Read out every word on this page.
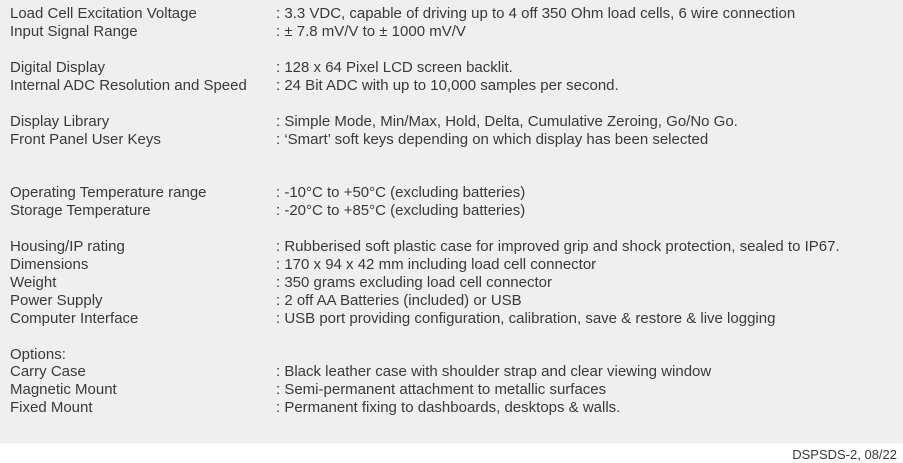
Load Cell Excitation Voltage	: 3.3 VDC, capable of driving up to 4 off 350 Ohm load cells, 6 wire connection
Input Signal Range	: ± 7.8 mV/V to ± 1000 mV/V
Digital Display	: 128 x 64 Pixel LCD screen backlit.
Internal ADC Resolution and Speed : 24 Bit ADC with up to 10,000 samples per second.
Display Library	: Simple Mode, Min/Max, Hold, Delta, Cumulative Zeroing, Go/No Go.
Front Panel User Keys	: ‘Smart’ soft keys depending on which display has been selected
Operating Temperature range	: -10°C to +50°C (excluding batteries)
Storage Temperature	: -20°C to +85°C (excluding batteries)
Housing/IP rating	: Rubberised soft plastic case for improved grip and shock protection, sealed to IP67.
Dimensions	: 170 x 94 x 42 mm including load cell connector
Weight	: 350 grams excluding load cell connector
Power Supply	: 2 off AA Batteries (included) or USB
Computer Interface	: USB port providing configuration, calibration, save & restore & live logging
Options:
Carry Case	: Black leather case with shoulder strap and clear viewing window
Magnetic Mount	: Semi-permanent attachment to metallic surfaces
Fixed Mount	: Permanent fixing to dashboards, desktops & walls.
DSPSDS-2, 08/22
